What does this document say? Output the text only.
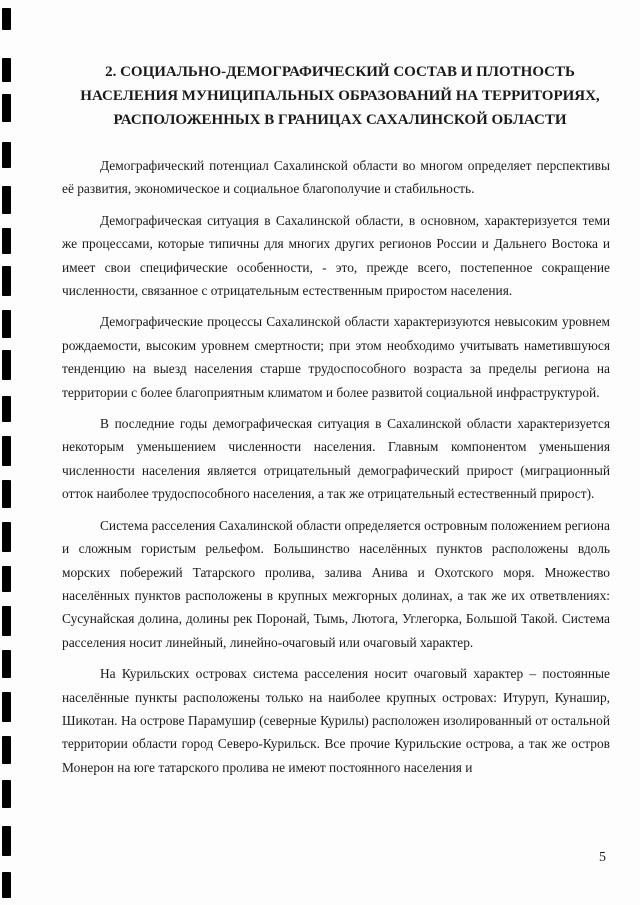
2. СОЦИАЛЬНО-ДЕМОГРАФИЧЕСКИЙ СОСТАВ И ПЛОТНОСТЬ
НАСЕЛЕНИЯ МУНИЦИПАЛЬНЫХ ОБРАЗОВАНИЙ НА ТЕРРИТОРИЯХ,
РАСПОЛОЖЕННЫХ В ГРАНИЦАХ САХАЛИНСКОЙ ОБЛАСТИ

Демографический потенциал Сахалинской области во многом определяет перспективы её развития, экономическое и социальное благополучие и стабильность.

Демографическая ситуация в Сахалинской области, в основном, характеризуется теми же процессами, которые типичны для многих других регионов России и Дальнего Востока и имеет свои специфические особенности, - это, прежде всего, постепенное сокращение численности, связанное с отрицательным естественным приростом населения.

Демографические процессы Сахалинской области характеризуются невысоким уровнем рождаемости, высоким уровнем смертности; при этом необходимо учитывать наметившуюся тенденцию на выезд населения старше трудоспособного возраста за пределы региона на территории с более благоприятным климатом и более развитой социальной инфраструктурой.

В последние годы демографическая ситуация в Сахалинской области характеризуется некоторым уменьшением численности населения. Главным компонентом уменьшения численности населения является отрицательный демографический прирост (миграционный отток наиболее трудоспособного населения, а так же отрицательный естественный прирост).

Система расселения Сахалинской области определяется островным положением региона и сложным гористым рельефом. Большинство населённых пунктов расположены вдоль морских побережий Татарского пролива, залива Анива и Охотского моря. Множество населённых пунктов расположены в крупных межгорных долинах, а так же их ответвлениях: Сусунайская долина, долины рек Поронай, Тымь, Лютога, Углегорка, Большой Такой. Система расселения носит линейный, линейно-очаговый или очаговый характер.

На Курильских островах система расселения носит очаговый характер – постоянные населённые пункты расположены только на наиболее крупных островах: Итуруп, Кунашир, Шикотан. На острове Парамушир (северные Курилы) расположен изолированный от остальной территории области город Северо-Курильск. Все прочие Курильские острова, а так же остров Монерон на юге татарского пролива не имеют постоянного населения и

5
